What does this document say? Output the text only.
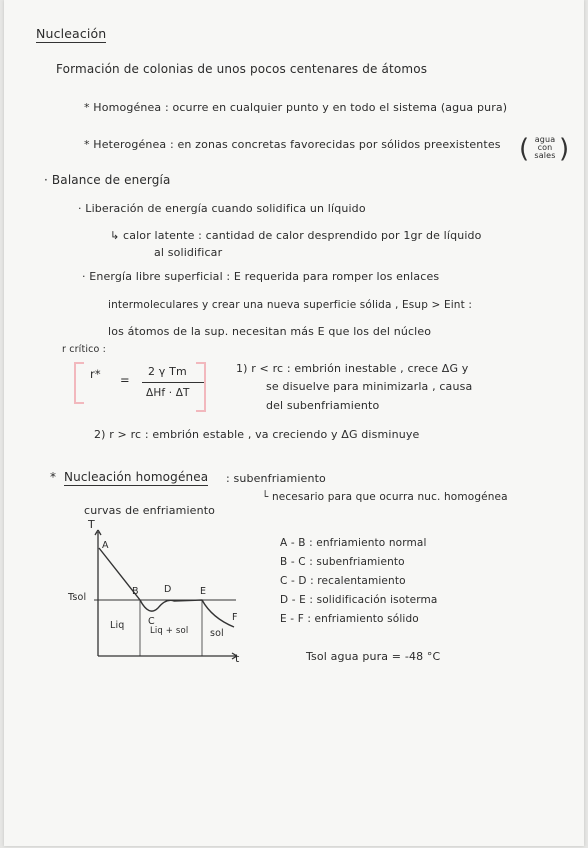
Nucleación
Formación de colonias de unos pocos centenares de átomos
* Homogénea : ocurre en cualquier punto y en todo el sistema (agua pura)
* Heterogénea : en zonas concretas favorecidas por sólidos preexistentes ( agua
con
sales )
· Balance de energía
· Liberación de energía cuando solidifica un líquido
↳ calor latente : cantidad de calor desprendido por 1gr de líquido
al solidificar
· Energía libre superficial : E requerida para romper los enlaces
intermoleculares y crear una nueva superficie sólida , Esup > Eint :
los átomos de la sup. necesitan más E que los del núcleo
r crítico :
r* =
2 γ Tm
ΔHf · ΔT
1) r < rc : embrión inestable , crece ΔG y
se disuelve para minimizarla , causa
del subenfriamiento
2) r > rc : embrión estable , va creciendo y ΔG disminuye
* Nucleación homogénea : subenfriamiento
└ necesario para que ocurra nuc. homogénea
curvas de enfriamiento
T
t
Tsol
A
B
C
D	E
F
Liq	Liq + sol sol
A - B : enfriamiento normal
B - C : subenfriamiento
C - D : recalentamiento
D - E : solidificación isoterma
E - F : enfriamiento sólido
Tsol agua pura = -48 °C
